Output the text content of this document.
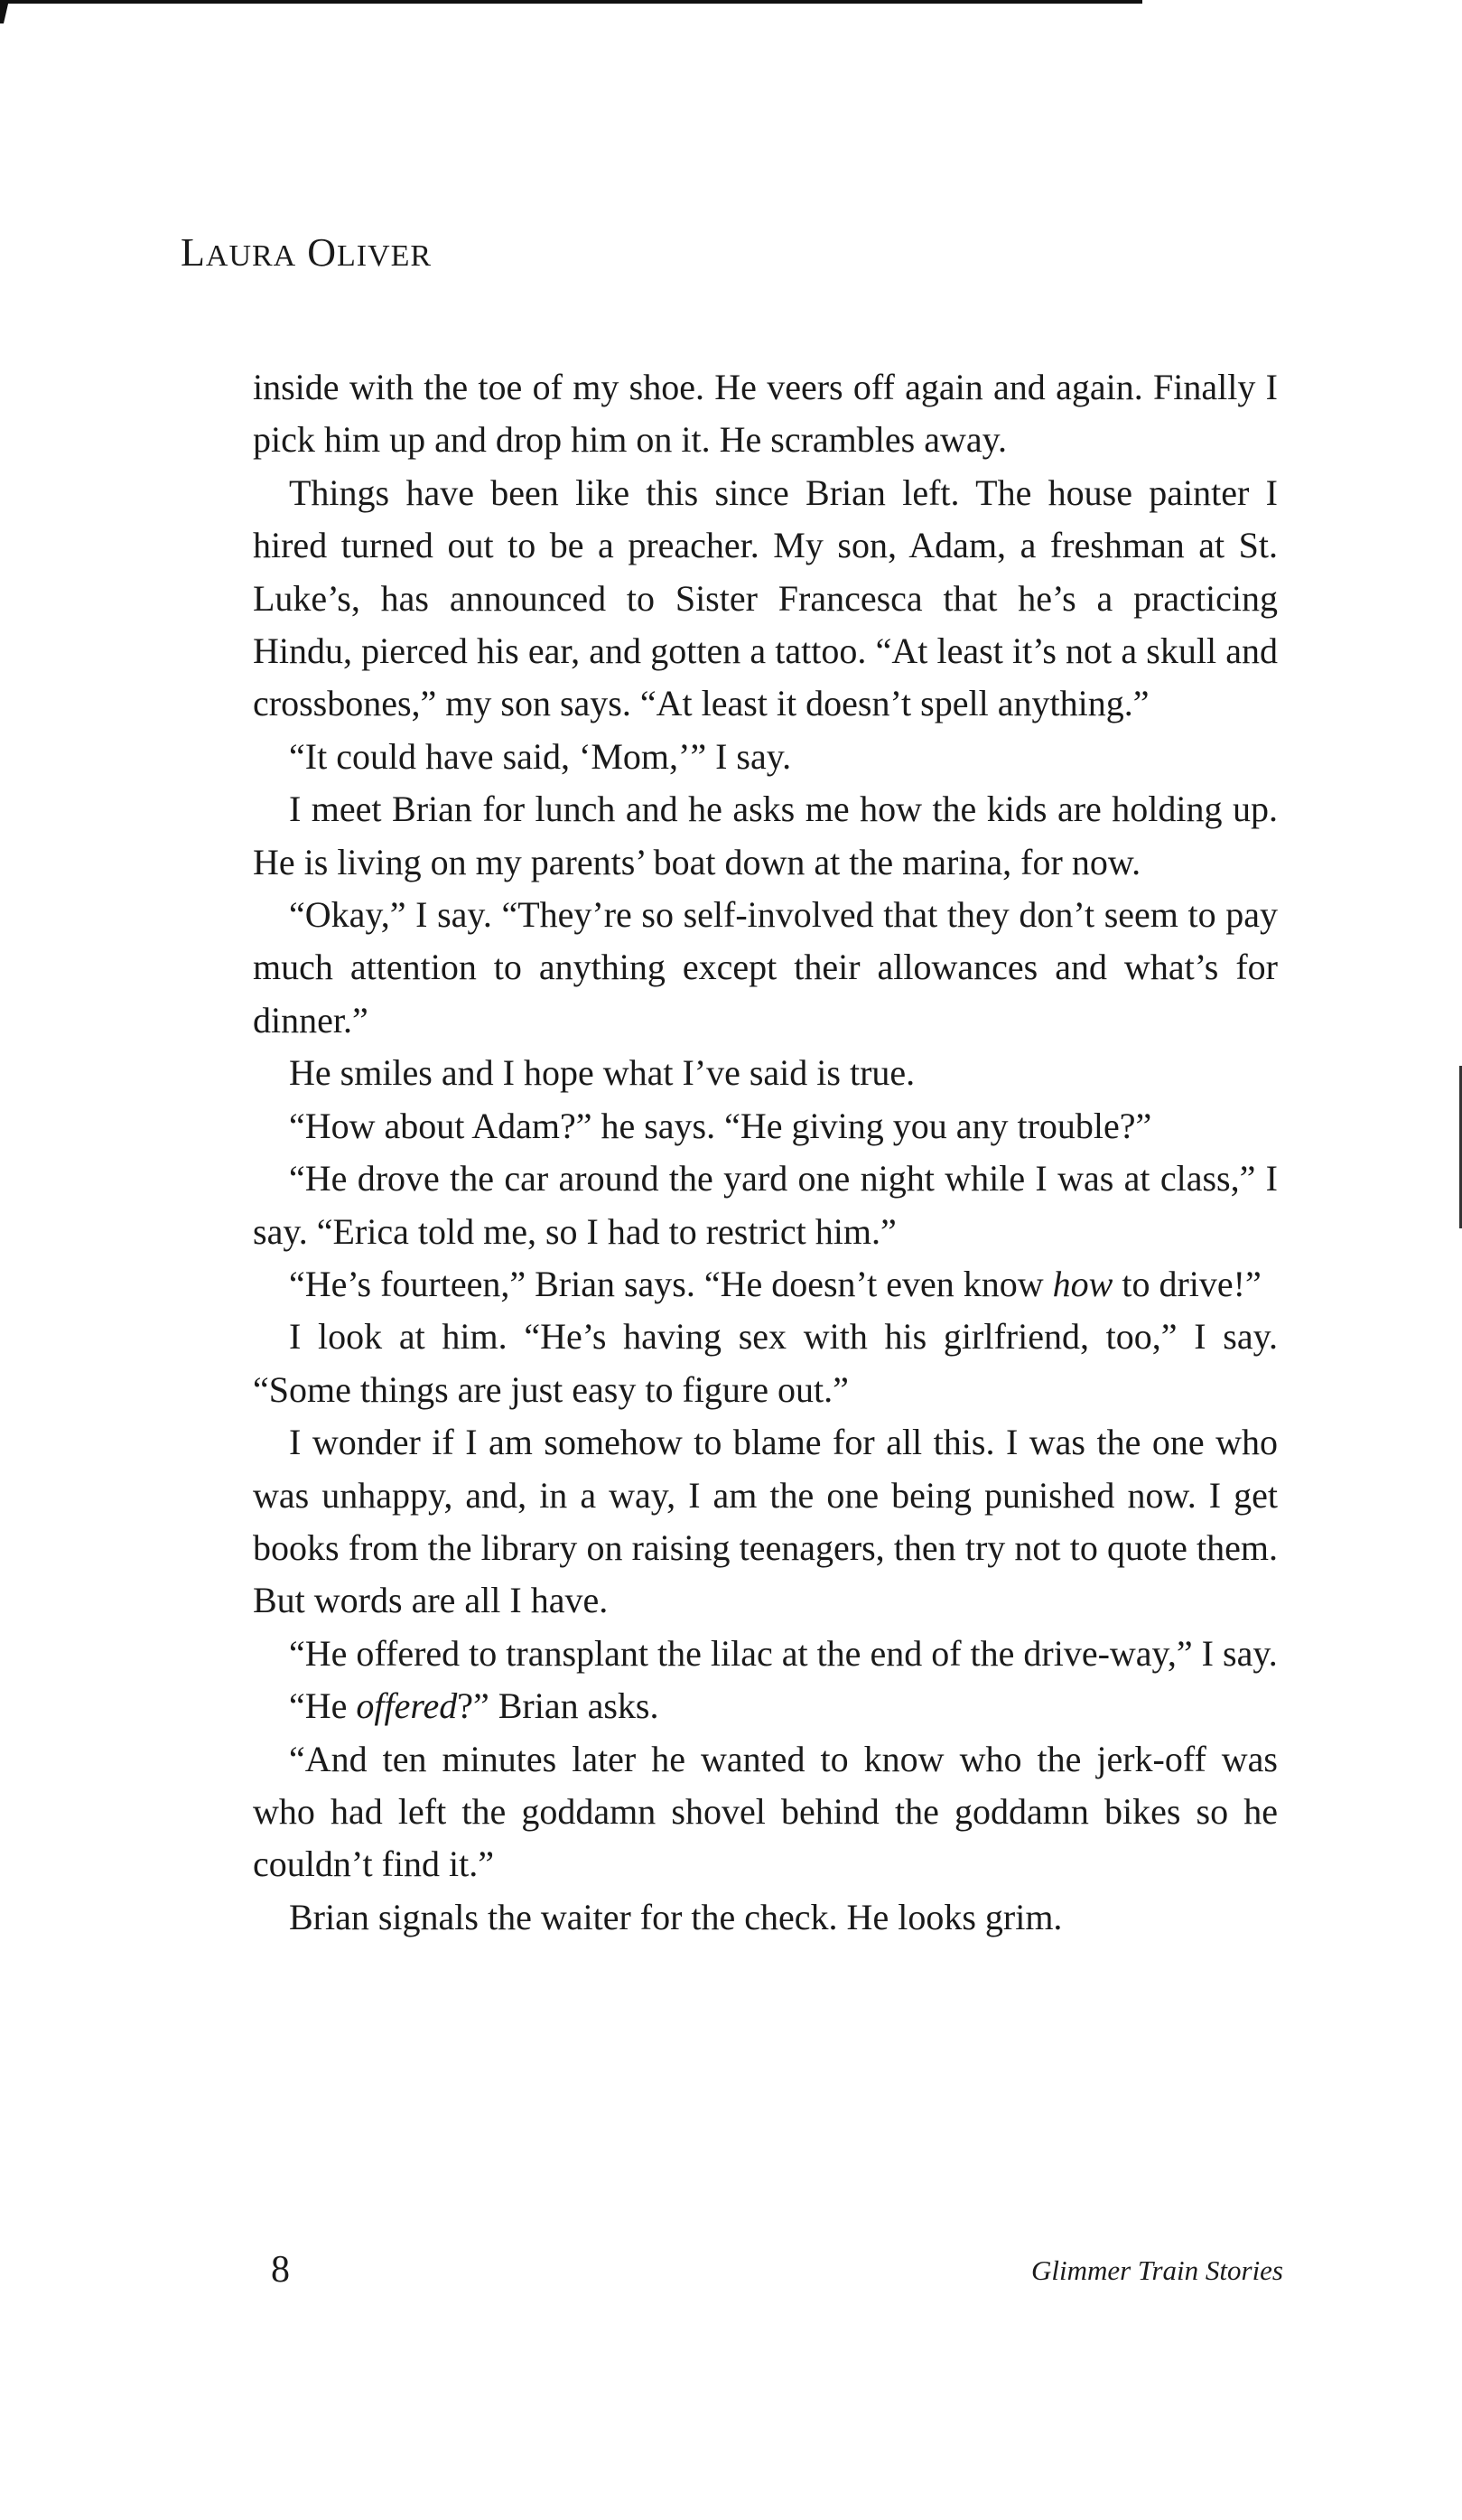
LAURA OLIVER

inside with the toe of my shoe. He veers off again and again. Finally I pick him up and drop him on it. He scrambles away.

Things have been like this since Brian left. The house painter I hired turned out to be a preacher. My son, Adam, a freshman at St. Luke’s, has announced to Sister Francesca that he’s a practicing Hindu, pierced his ear, and gotten a tattoo. “At least it’s not a skull and crossbones,” my son says. “At least it doesn’t spell anything.”

“It could have said, ‘Mom,’” I say.

I meet Brian for lunch and he asks me how the kids are holding up. He is living on my parents’ boat down at the marina, for now.

“Okay,” I say. “They’re so self-involved that they don’t seem to pay much attention to anything except their allowances and what’s for dinner.”

He smiles and I hope what I’ve said is true.

“How about Adam?” he says. “He giving you any trouble?”

“He drove the car around the yard one night while I was at class,” I say. “Erica told me, so I had to restrict him.”

“He’s fourteen,” Brian says. “He doesn’t even know how to drive!”

I look at him. “He’s having sex with his girlfriend, too,” I say. “Some things are just easy to figure out.”

I wonder if I am somehow to blame for all this. I was the one who was unhappy, and, in a way, I am the one being punished now. I get books from the library on raising teenagers, then try not to quote them. But words are all I have.

“He offered to transplant the lilac at the end of the drive-way,” I say.

“He offered?” Brian asks.

“And ten minutes later he wanted to know who the jerk-off was who had left the goddamn shovel behind the goddamn bikes so he couldn’t find it.”

Brian signals the waiter for the check. He looks grim.

8	Glimmer Train Stories
